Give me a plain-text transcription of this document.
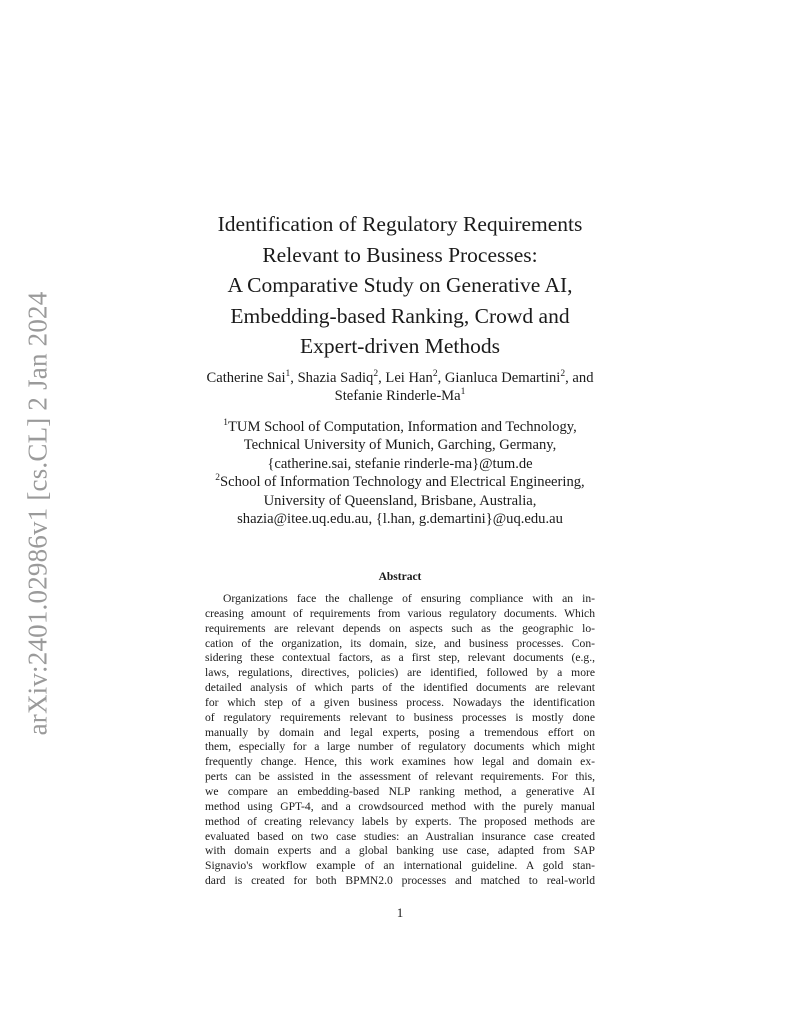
arXiv:2401.02986v1 [cs.CL] 2 Jan 2024
Identification of Regulatory Requirements
Relevant to Business Processes:
A Comparative Study on Generative AI,
Embedding-based Ranking, Crowd and
Expert-driven Methods
Catherine Sai$^1$, Shazia Sadiq$^2$, Lei Han$^2$, Gianluca Demartini$^2$, and
Stefanie Rinderle-Ma$^1$
$^1$TUM School of Computation, Information and Technology,
Technical University of Munich, Garching, Germany,
{catherine.sai, stefanie rinderle-ma}@tum.de
$^2$School of Information Technology and Electrical Engineering,
University of Queensland, Brisbane, Australia,
shazia@itee.uq.edu.au, {l.han, g.demartini}@uq.edu.au
Abstract
Organizations face the challenge of ensuring compliance with an in-
creasing amount of requirements from various regulatory documents. Which
requirements are relevant depends on aspects such as the geographic lo-
cation of the organization, its domain, size, and business processes. Con-
sidering these contextual factors, as a first step, relevant documents (e.g.,
laws, regulations, directives, policies) are identified, followed by a more
detailed analysis of which parts of the identified documents are relevant
for which step of a given business process. Nowadays the identification
of regulatory requirements relevant to business processes is mostly done
manually by domain and legal experts, posing a tremendous effort on
them, especially for a large number of regulatory documents which might
frequently change. Hence, this work examines how legal and domain ex-
perts can be assisted in the assessment of relevant requirements. For this,
we compare an embedding-based NLP ranking method, a generative AI
method using GPT-4, and a crowdsourced method with the purely manual
method of creating relevancy labels by experts. The proposed methods are
evaluated based on two case studies: an Australian insurance case created
with domain experts and a global banking use case, adapted from SAP
Signavio's workflow example of an international guideline. A gold stan-
dard is created for both BPMN2.0 processes and matched to real-world
1
